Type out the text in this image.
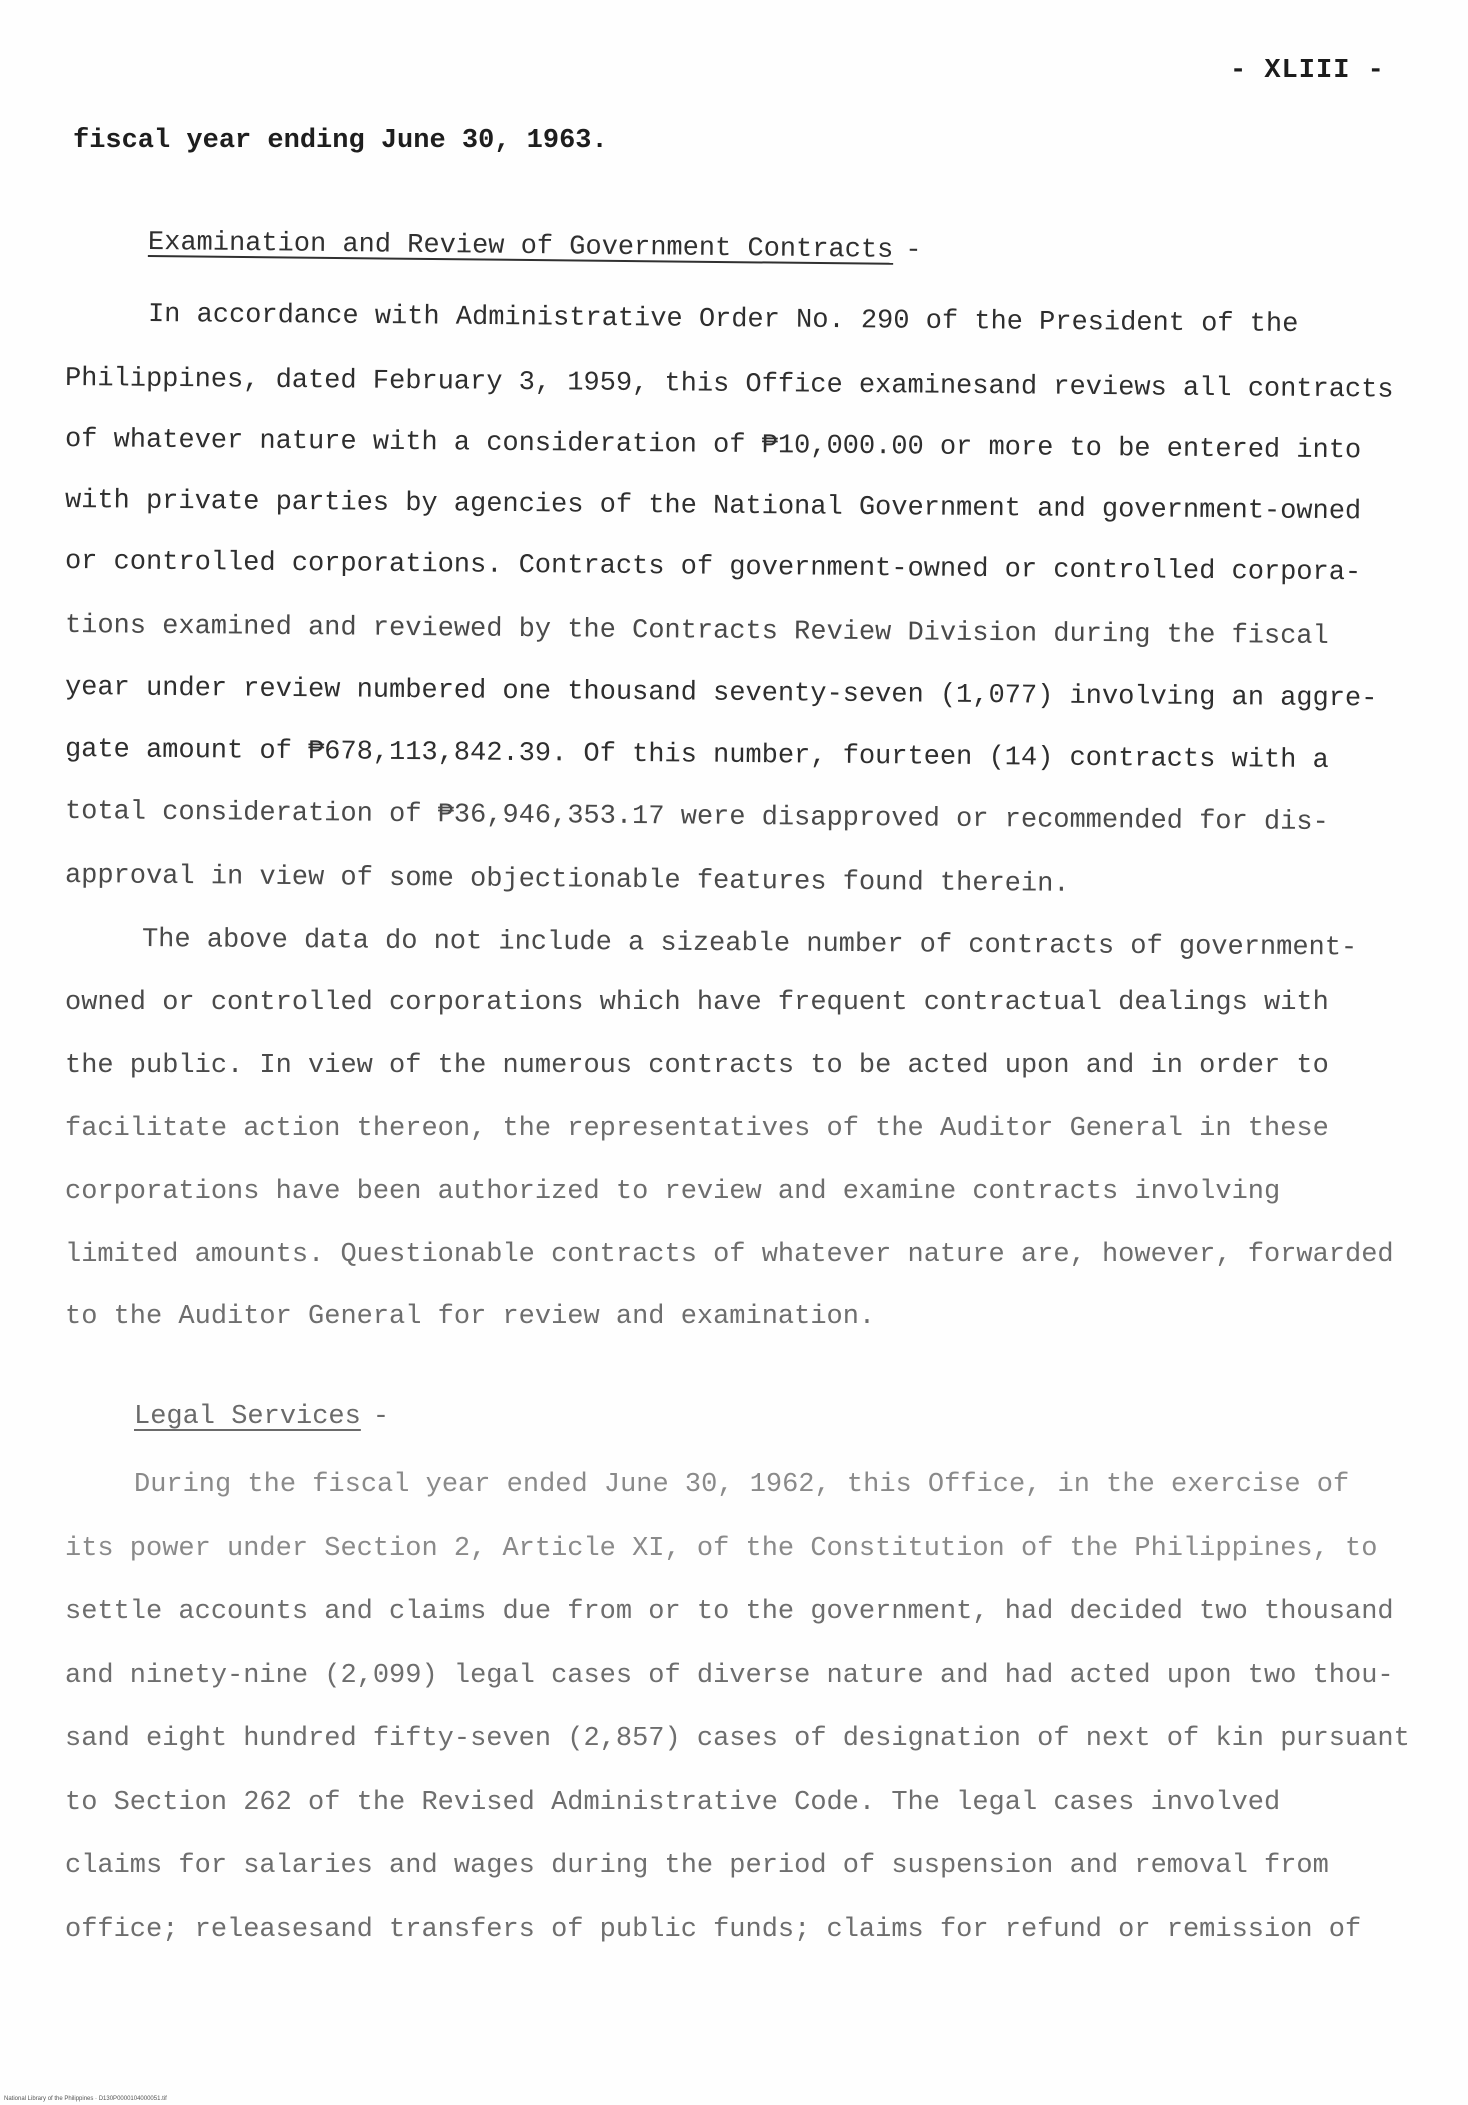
- XLIII -
fiscal year ending June 30, 1963.
Examination and Review of Government Contracts -
In accordance with Administrative Order No. 290 of the President of the
Philippines, dated February 3, 1959, this Office examinesand reviews all contracts
of whatever nature with a consideration of ₱10,000.00 or more to be entered into
with private parties by agencies of the National Government and government-owned
or controlled corporations. Contracts of government-owned or controlled corpora-
tions examined and reviewed by the Contracts Review Division during the fiscal
year under review numbered one thousand seventy-seven (1,077) involving an aggre-
gate amount of ₱678,113,842.39. Of this number, fourteen (14) contracts with a
total consideration of ₱36,946,353.17 were disapproved or recommended for dis-
approval in view of some objectionable features found therein.
The above data do not include a sizeable number of contracts of government-
owned or controlled corporations which have frequent contractual dealings with
the public. In view of the numerous contracts to be acted upon and in order to
facilitate action thereon, the representatives of the Auditor General in these
corporations have been authorized to review and examine contracts involving
limited amounts. Questionable contracts of whatever nature are, however, forwarded
to the Auditor General for review and examination.
Legal Services -
During the fiscal year ended June 30, 1962, this Office, in the exercise of
its power under Section 2, Article XI, of the Constitution of the Philippines, to
settle accounts and claims due from or to the government, had decided two thousand
and ninety-nine (2,099) legal cases of diverse nature and had acted upon two thou-
sand eight hundred fifty-seven (2,857) cases of designation of next of kin pursuant
to Section 262 of the Revised Administrative Code. The legal cases involved
claims for salaries and wages during the period of suspension and removal from
office; releasesand transfers of public funds; claims for refund or remission of
National Library of the Philippines · D130P0000104000051.tif
